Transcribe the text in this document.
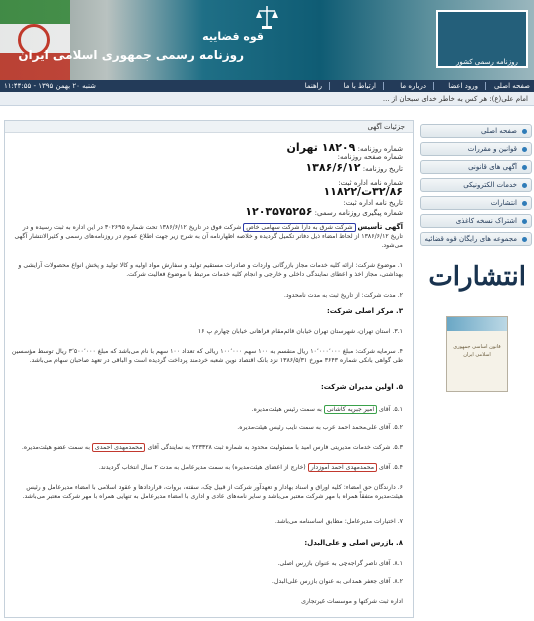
قوه قضاییه
روزنامه رسمی جمهوری اسلامی ایران	روزنامه رسمی کشور
شنبه ۲۰ بهمن ۱۳۹۵ - ۱۱:۴۴:۵۵	صفحه اصلی
ورود اعضا
درباره ما
ارتباط با ما
راهنما
امام علی(ع): هر کس به خاطر خدای سبحان از ...
صفحه اصلی
قوانین و مقررات
آگهی های قانونی
خدمات الکترونیکی
انتشارات
اشتراک نسخه کاغذی
مجموعه های رایگان قوه قضائیه
انتشارات
قانون اساسی جمهوری اسلامی ایران
جزئیات آگهی
شماره روزنامه: ۱۸۲۰۹ تهران
شماره صفحه روزنامه:
تاریخ روزنامه: ۱۳۸۶/۶/۱۲
شماره نامه اداره ثبت:
۳۲/۸۶ت/۱۱۸۲۲
تاریخ نامه اداره ثبت:
شماره پیگیری روزنامه رسمی: ۱۲۰۳۵۷۵۲۵۶
آگهی تأسیس شرکت شرق به دارا شرکت سهامی خاص شرکت فوق در تاریخ ۱۳۸۶/۶/۱۲ تحت شماره ۳۰۲۶۹۵ در این اداره به ثبت رسیده و در تاریخ ۱۳۸۶/۶/۱۲ از لحاظ امضاء ذیل دفاتر تکمیل گردیده و خلاصه اظهارنامه آن به شرح زیر جهت اطلاع عموم در روزنامه‌های رسمی و کثیرالانتشار آگهی می‌شود.
۱. موضوع شرکت: ارائه کلیه خدمات مجاز بازرگانی واردات و صادرات مستقیم تولید و سفارش مواد اولیه و کالا تولید و پخش انواع محصولات آرایشی و بهداشتی، مجاز اخذ و اعطای نمایندگی داخلی و خارجی و انجام کلیه خدمات مرتبط با موضوع فعالیت شرکت.
۲. مدت شرکت: از تاریخ ثبت به مدت نامحدود.
۳. مرکز اصلی شرکت:
۳.۱. استان تهران، شهرستان تهران خیابان قائم‌مقام فراهانی خیابان چهارم پ ۱۶
۴. سرمایه شرکت: مبلغ ۱۰٬۰۰۰٬۰۰۰ ریال منقسم به ۱۰۰ سهم ۱۰۰٬۰۰۰ ریالی که تعداد ۱۰۰ سهم با نام می‌باشد که مبلغ ۳٬۵۰۰٬۰۰۰ ریال توسط مؤسسین طی گواهی بانکی شماره ۳۶۴۳ مورخ ۱۳۸۶/۵/۳۱ نزد بانک اقتصاد نوین شعبه خردمند پرداخت گردیده است و الباقی در تعهد صاحبان سهام می‌باشد.
۵. اولین مدیران شرکت:
۵.۱. آقای امیر جبریه کاشانی به سمت رئیس هیئت‌مدیره.
۵.۲. آقای علی‌محمد احمد عرب به سمت نایب رئیس هیئت‌مدیره.
۵.۳. شرکت خدمات مدیریتی فارس امید با مسئولیت محدود به شماره ثبت ۲۲۳۳۲۸ به نمایندگی آقای محمدمهدی احمدی به سمت عضو هیئت‌مدیره.
۵.۴. آقای محمدمهدی احمد آموزدار (خارج از اعضای هیئت‌مدیره) به سمت مدیرعامل به مدت ۲ سال انتخاب گردیدند.
۶. دارندگان حق امضاء: کلیه اوراق و اسناد بهادار و تعهدآور شرکت از قبیل چک، سفته، بروات، قراردادها و عقود اسلامی با امضاء مدیرعامل و رئیس هیئت‌مدیره متفقاً همراه با مهر شرکت معتبر می‌باشد و سایر نامه‌های عادی و اداری با امضاء مدیرعامل به تنهایی همراه با مهر شرکت معتبر می‌باشد.
۷. اختیارات مدیرعامل: مطابق اساسنامه می‌باشد.
۸. بازرس اصلی و علی‌البدل:
۸.۱. آقای ناصر گراجه‌چی به عنوان بازرس اصلی.
۸.۲. آقای جعفر همدانی به عنوان بازرس علی‌البدل.
اداره ثبت شرکتها و موسسات غیرتجاری
